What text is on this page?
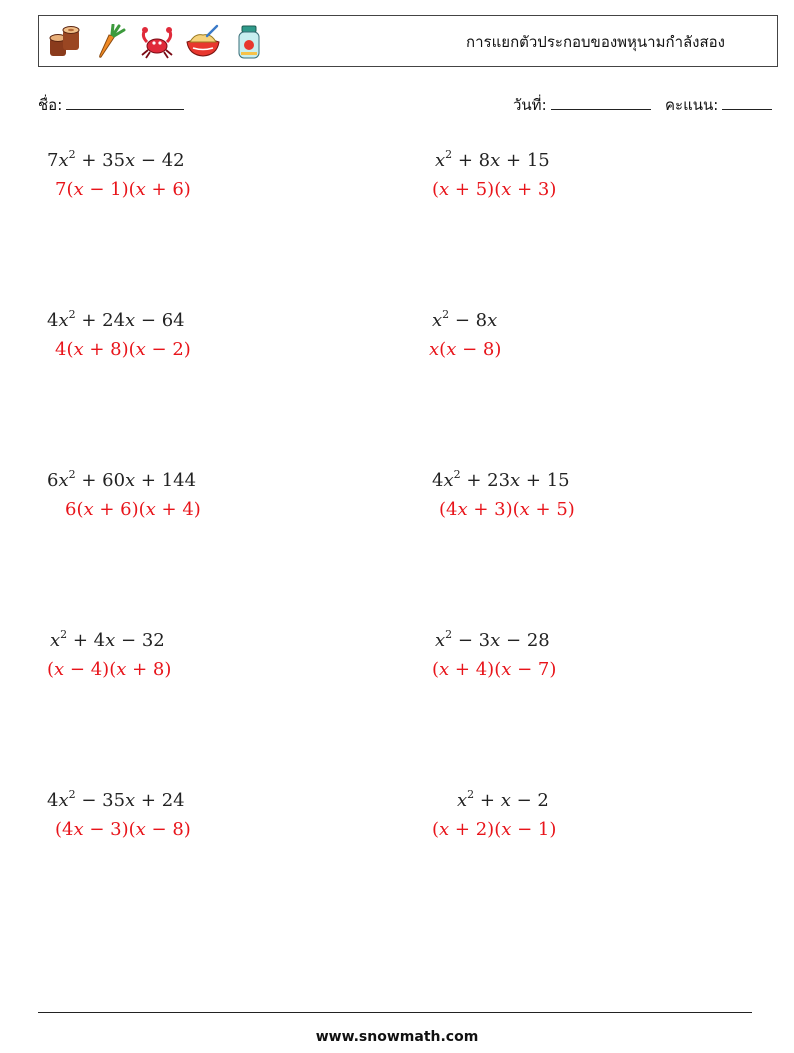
การแยกตัวประกอบของพหุนามกำลังสอง
ชื่อ:	วันที่:	คะแนน:
$7x^2 + 35x - 42$
7(x − 1)(x + 6)
$x^2 + 8x + 15$
(x + 5)(x + 3)
$4x^2 + 24x - 64$
4(x + 8)(x − 2)
$x^2 - 8x$
x(x − 8)
$6x^2 + 60x + 144$
6(x + 6)(x + 4)
$4x^2 + 23x + 15$
(4x + 3)(x + 5)
$x^2 + 4x - 32$
(x − 4)(x + 8)
$x^2 - 3x - 28$
(x + 4)(x − 7)
$4x^2 - 35x + 24$
(4x − 3)(x − 8)
$x^2 + x - 2$
(x + 2)(x − 1)
www.snowmath.com
